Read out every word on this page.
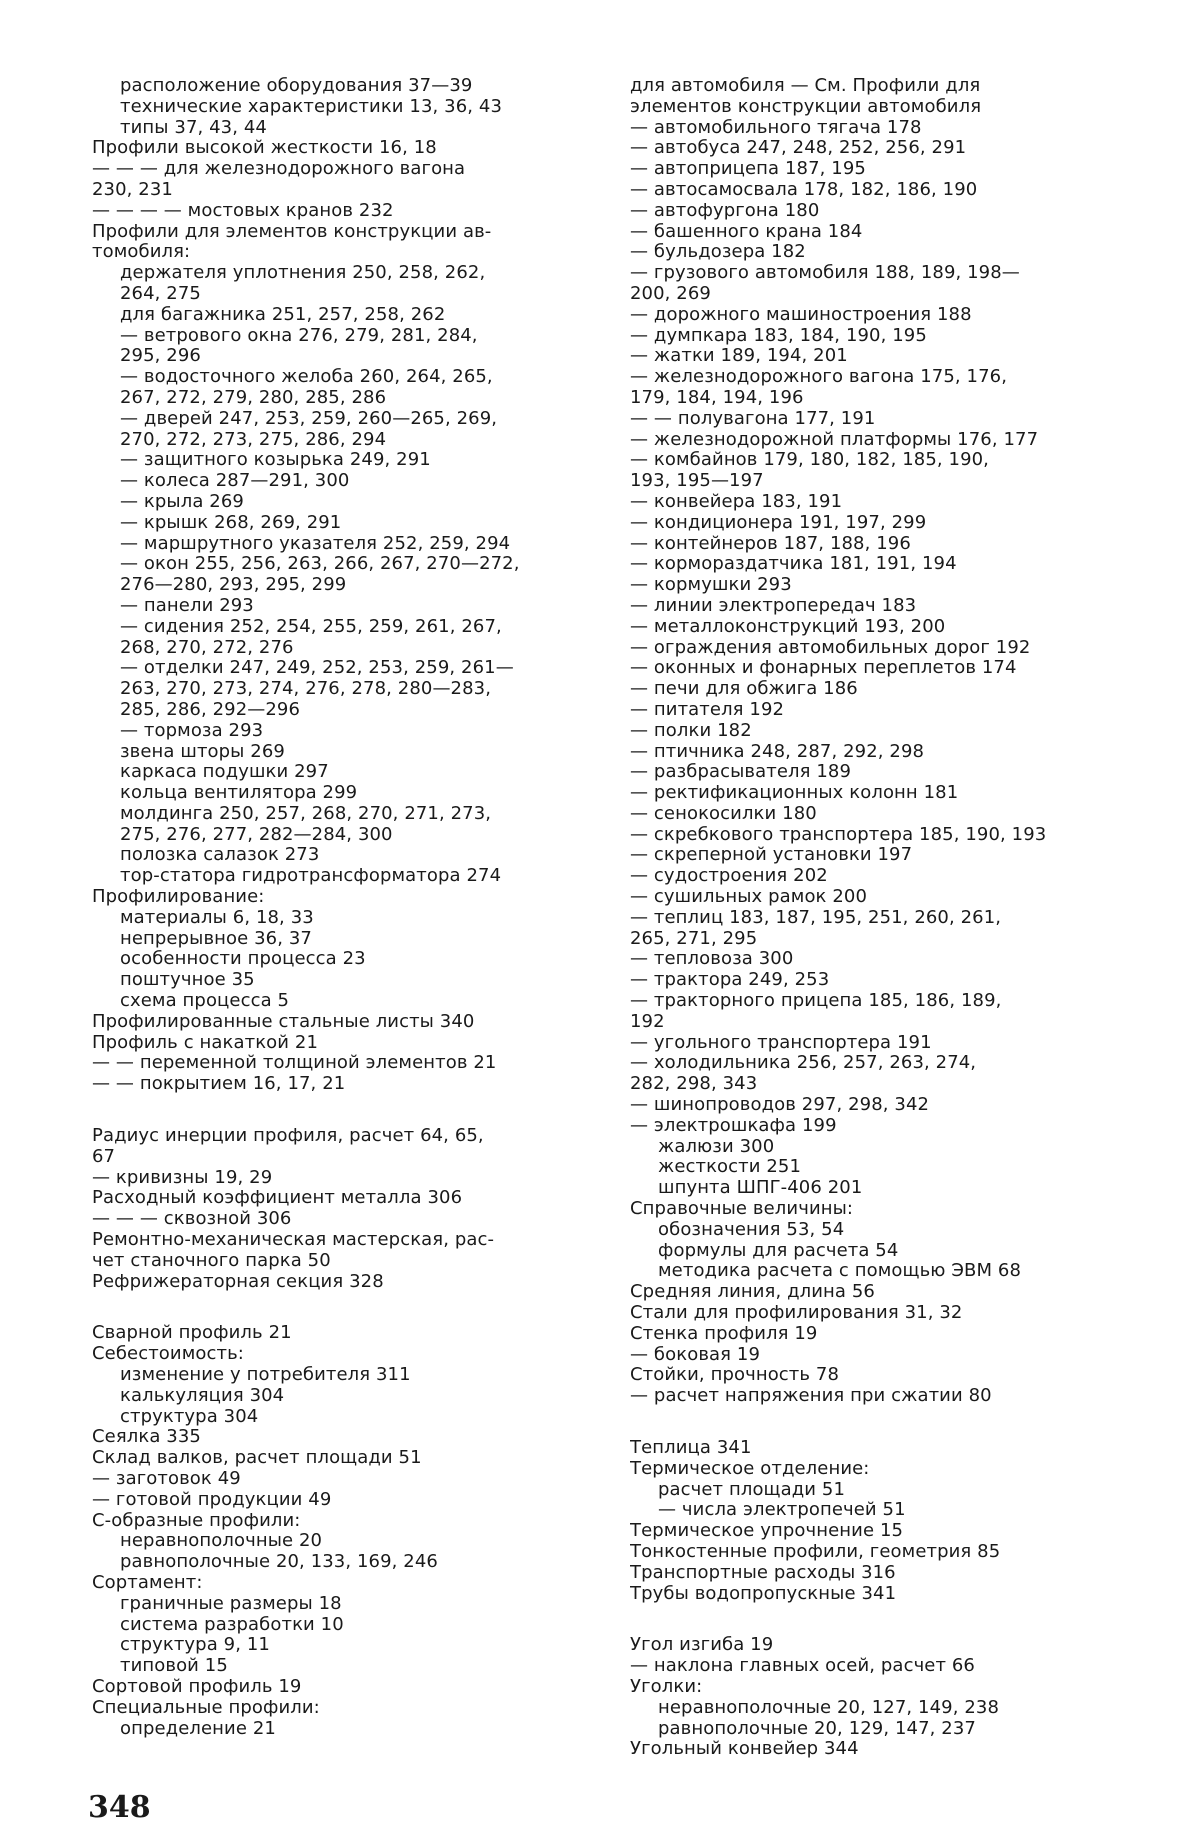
расположение оборудования 37—39
технические характеристики 13, 36, 43
типы 37, 43, 44
Профили высокой жесткости 16, 18
— — — для железнодорожного вагона
230, 231
— — — — мостовых кранов 232
Профили для элементов конструкции ав-
томобиля:
держателя уплотнения 250, 258, 262,
264, 275
для багажника 251, 257, 258, 262
— ветрового окна 276, 279, 281, 284,
295, 296
— водосточного желоба 260, 264, 265,
267, 272, 279, 280, 285, 286
— дверей 247, 253, 259, 260—265, 269,
270, 272, 273, 275, 286, 294
— защитного козырька 249, 291
— колеса 287—291, 300
— крыла 269
— крышк 268, 269, 291
— маршрутного указателя 252, 259, 294
— окон 255, 256, 263, 266, 267, 270—272,
276—280, 293, 295, 299
— панели 293
— сидения 252, 254, 255, 259, 261, 267,
268, 270, 272, 276
— отделки 247, 249, 252, 253, 259, 261—
263, 270, 273, 274, 276, 278, 280—283,
285, 286, 292—296
— тормоза 293
звена шторы 269
каркаса подушки 297
кольца вентилятора 299
молдинга 250, 257, 268, 270, 271, 273,
275, 276, 277, 282—284, 300
полозка салазок 273
тор-статора гидротрансформатора 274
Профилирование:
материалы 6, 18, 33
непрерывное 36, 37
особенности процесса 23
поштучное 35
схема процесса 5
Профилированные стальные листы 340
Профиль с накаткой 21
— — переменной толщиной элементов 21
— — покрытием 16, 17, 21
Радиус инерции профиля, расчет 64, 65,
67
— кривизны 19, 29
Расходный коэффициент металла 306
— — — сквозной 306
Ремонтно-механическая мастерская, рас-
чет станочного парка 50
Рефрижераторная секция 328
Сварной профиль 21
Себестоимость:
изменение у потребителя 311
калькуляция 304
структура 304
Сеялка 335
Склад валков, расчет площади 51
— заготовок 49
— готовой продукции 49
С-образные профили:
неравнополочные 20
равнополочные 20, 133, 169, 246
Сортамент:
граничные размеры 18
система разработки 10
структура 9, 11
типовой 15
Сортовой профиль 19
Специальные профили:
определение 21
для автомобиля — См. Профили для
элементов конструкции автомобиля
— автомобильного тягача 178
— автобуса 247, 248, 252, 256, 291
— автоприцепа 187, 195
— автосамосвала 178, 182, 186, 190
— автофургона 180
— башенного крана 184
— бульдозера 182
— грузового автомобиля 188, 189, 198—
200, 269
— дорожного машиностроения 188
— думпкара 183, 184, 190, 195
— жатки 189, 194, 201
— железнодорожного вагона 175, 176,
179, 184, 194, 196
— — полувагона 177, 191
— железнодорожной платформы 176, 177
— комбайнов 179, 180, 182, 185, 190,
193, 195—197
— конвейера 183, 191
— кондиционера 191, 197, 299
— контейнеров 187, 188, 196
— кормораздатчика 181, 191, 194
— кормушки 293
— линии электропередач 183
— металлоконструкций 193, 200
— ограждения автомобильных дорог 192
— оконных и фонарных переплетов 174
— печи для обжига 186
— питателя 192
— полки 182
— птичника 248, 287, 292, 298
— разбрасывателя 189
— ректификационных колонн 181
— сенокосилки 180
— скребкового транспортера 185, 190, 193
— скреперной установки 197
— судостроения 202
— сушильных рамок 200
— теплиц 183, 187, 195, 251, 260, 261,
265, 271, 295
— тепловоза 300
— трактора 249, 253
— тракторного прицепа 185, 186, 189,
192
— угольного транспортера 191
— холодильника 256, 257, 263, 274,
282, 298, 343
— шинопроводов 297, 298, 342
— электрошкафа 199
жалюзи 300
жесткости 251
шпунта ШПГ-406 201
Справочные величины:
обозначения 53, 54
формулы для расчета 54
методика расчета с помощью ЭВМ 68
Средняя линия, длина 56
Стали для профилирования 31, 32
Стенка профиля 19
— боковая 19
Стойки, прочность 78
— расчет напряжения при сжатии 80
Теплица 341
Термическое отделение:
расчет площади 51
— числа электропечей 51
Термическое упрочнение 15
Тонкостенные профили, геометрия 85
Транспортные расходы 316
Трубы водопропускные 341
Угол изгиба 19
— наклона главных осей, расчет 66
Уголки:
неравнополочные 20, 127, 149, 238
равнополочные 20, 129, 147, 237
Угольный конвейер 344
348
